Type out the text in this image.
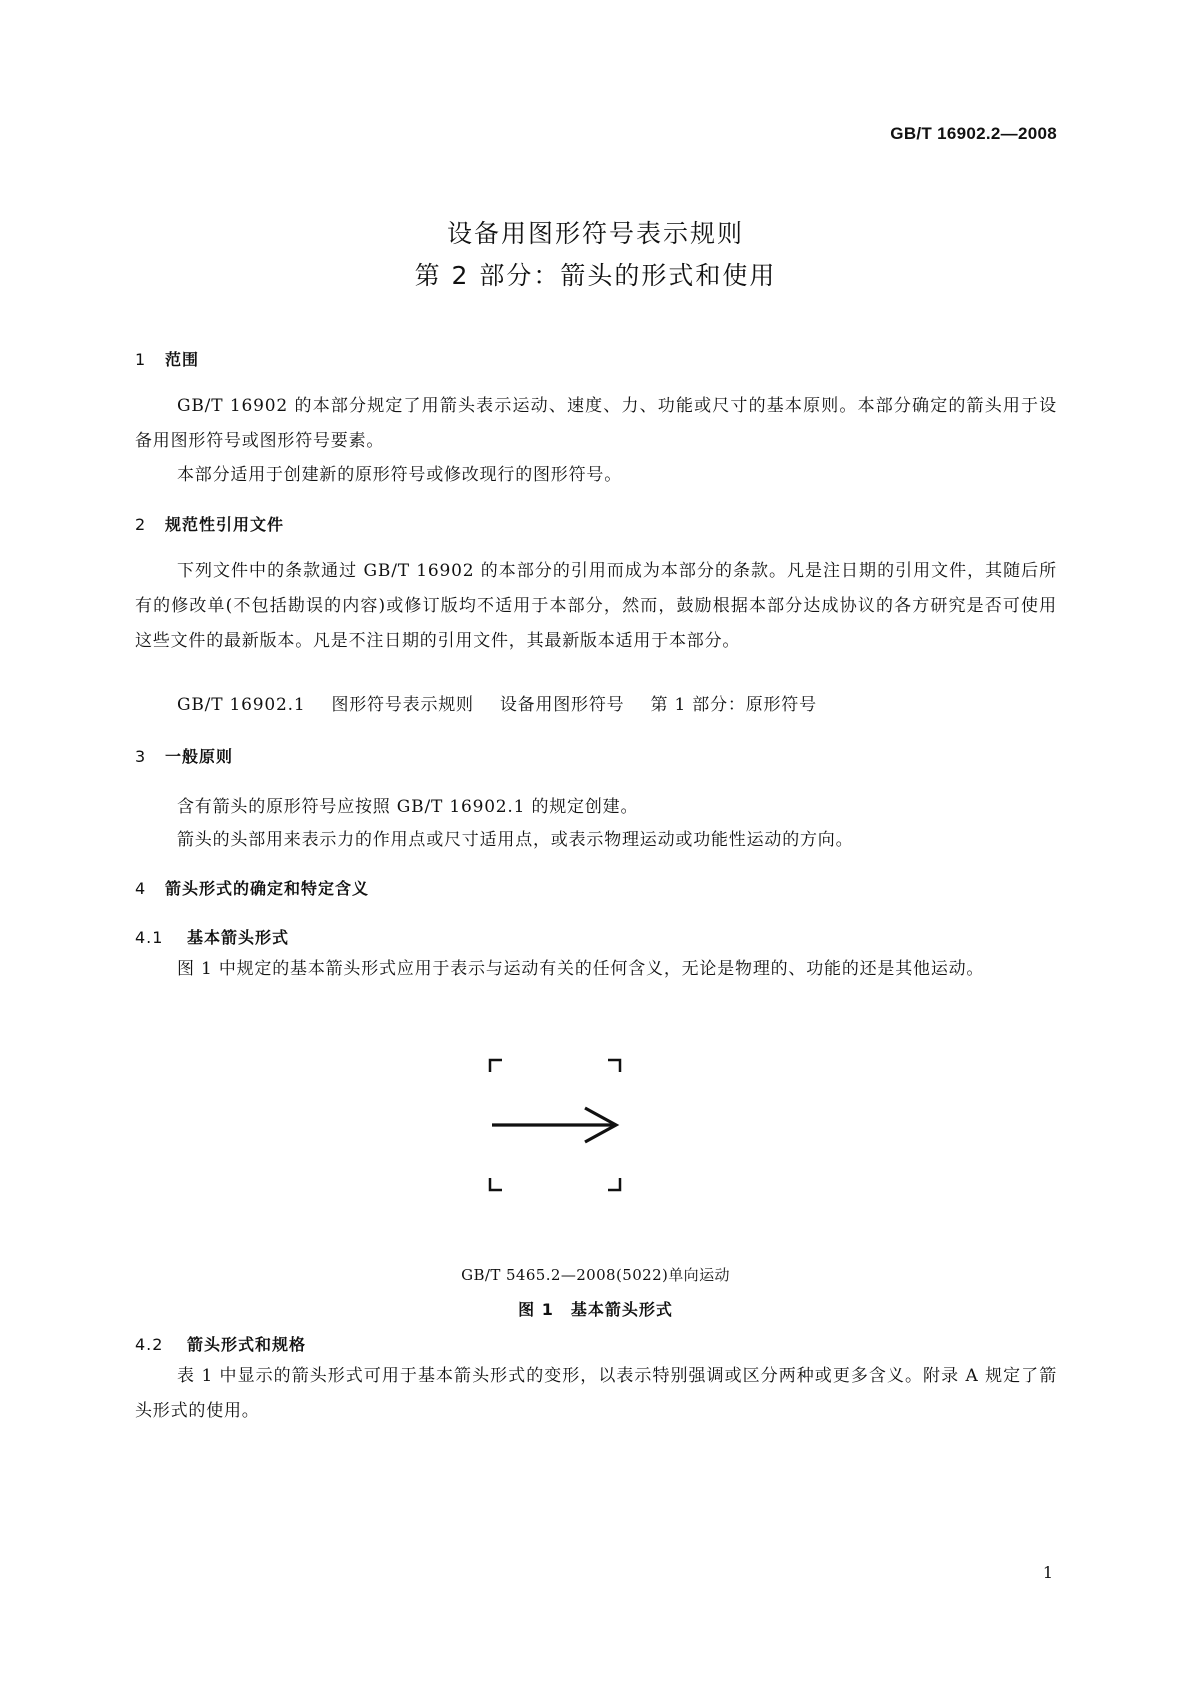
GB/T 16902.2—2008
设备用图形符号表示规则
第 2 部分：箭头的形式和使用
1 范围
GB/T 16902 的本部分规定了用箭头表示运动、速度、力、功能或尺寸的基本原则。本部分确定的箭头用于设备用图形符号或图形符号要素。
本部分适用于创建新的原形符号或修改现行的图形符号。
2 规范性引用文件
下列文件中的条款通过 GB/T 16902 的本部分的引用而成为本部分的条款。凡是注日期的引用文件，其随后所有的修改单(不包括勘误的内容)或修订版均不适用于本部分，然而，鼓励根据本部分达成协议的各方研究是否可使用这些文件的最新版本。凡是不注日期的引用文件，其最新版本适用于本部分。
GB/T 16902.1 图形符号表示规则 设备用图形符号 第 1 部分：原形符号
3 一般原则
含有箭头的原形符号应按照 GB/T 16902.1 的规定创建。
箭头的头部用来表示力的作用点或尺寸适用点，或表示物理运动或功能性运动的方向。
4 箭头形式的确定和特定含义
4.1 基本箭头形式
图 1 中规定的基本箭头形式应用于表示与运动有关的任何含义，无论是物理的、功能的还是其他运动。
GB/T 5465.2—2008(5022)单向运动
图 1　基本箭头形式
4.2 箭头形式和规格
表 1 中显示的箭头形式可用于基本箭头形式的变形，以表示特别强调或区分两种或更多含义。附录 A 规定了箭头形式的使用。
1
